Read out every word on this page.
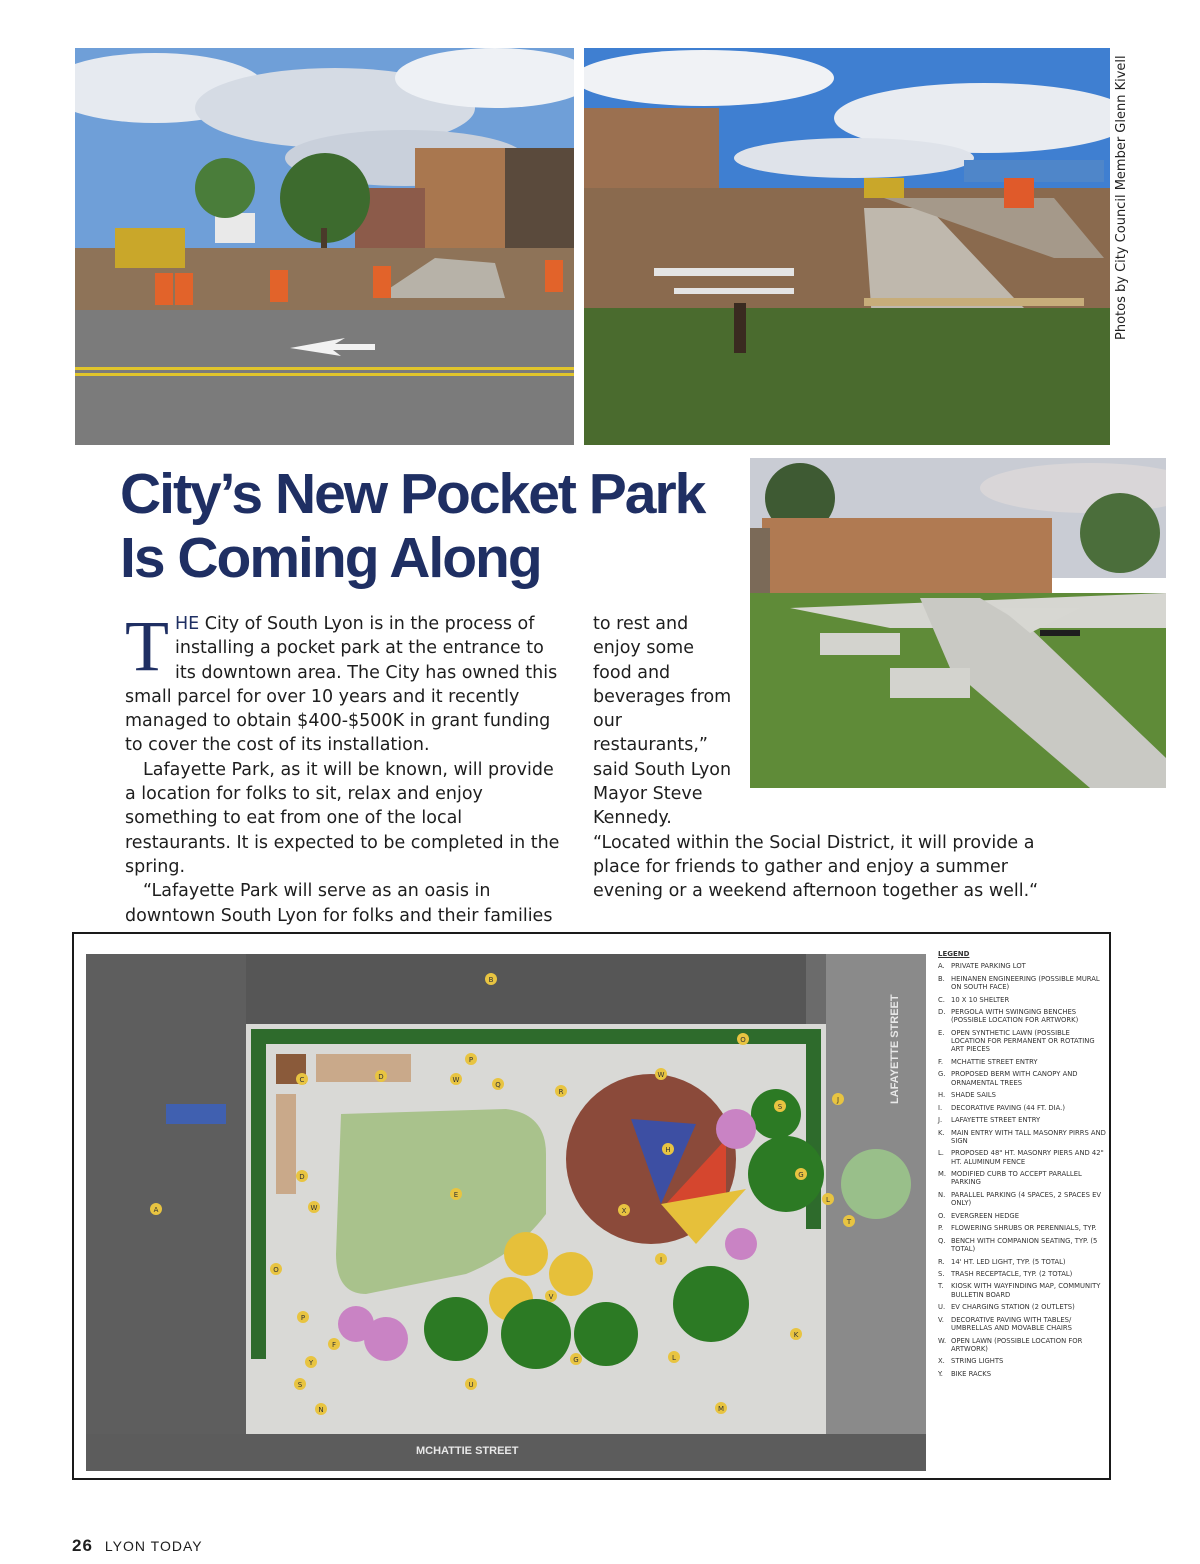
Photos by City Council Member Glenn Kivell
City’s New Pocket Park
Is Coming Along

THE City of South Lyon is in the process of installing a pocket park at the entrance to its downtown area. The City has owned this small parcel for over 10 years and it recently managed to obtain $400-$500K in grant funding to cover the cost of its installation.

Lafayette Park, as it will be known, will provide a location for folks to sit, relax and enjoy something to eat from one of the local restaurants. It is expected to be completed in the spring.

“Lafayette Park will serve as an oasis in downtown South Lyon for folks and their families

to rest and enjoy some food and beverages from our restaurants,” said South Lyon Mayor Steve Kennedy.

“Located within the Social District, it will provide a place for friends to gather and enjoy a summer evening or a weekend afternoon together as well.“

LAFAYETTE STREET
MCHATTIE STREET
A
B
C	D
D
E
F
G
G
H
I
J
K
L
L
M
N
O
O
P
P
Q
R
S
S
T
U
V
W
W
W	X
Y
LEGEND
A. PRIVATE PARKING LOT
B. HEINANEN ENGINEERING (POSSIBLE MURAL ON SOUTH FACE)
C. 10 X 10 SHELTER
D. PERGOLA WITH SWINGING BENCHES (POSSIBLE LOCATION FOR ARTWORK)
E. OPEN SYNTHETIC LAWN (POSSIBLE LOCATION FOR PERMANENT OR ROTATING ART PIECES
F.	MCHATTIE STREET ENTRY
G. PROPOSED BERM WITH CANOPY AND ORNAMENTAL TREES
H. SHADE SAILS
I.	DECORATIVE PAVING (44 FT. DIA.)
J.	LAFAYETTE STREET ENTRY
K. MAIN ENTRY WITH TALL MASONRY PIRRS AND SIGN
L.	PROPOSED 48" HT. MASONRY PIERS AND 42" HT. ALUMINUM FENCE
M. MODIFIED CURB TO ACCEPT PARALLEL PARKING
N. PARALLEL PARKING (4 SPACES, 2 SPACES EV ONLY)
O. EVERGREEN HEDGE
P.	FLOWERING SHRUBS OR PERENNIALS, TYP.
Q. BENCH WITH COMPANION SEATING, TYP. (5 TOTAL)
R. 14' HT. LED LIGHT, TYP. (5 TOTAL)
S. TRASH RECEPTACLE, TYP. (2 TOTAL)
T.	KIOSK WITH WAYFINDING MAP, COMMUNITY BULLETIN BOARD
U. EV CHARGING STATION (2 OUTLETS)
V.	DECORATIVE PAVING WITH TABLES/ UMBRELLAS AND MOVABLE CHAIRS
W. OPEN LAWN (POSSIBLE LOCATION FOR ARTWORK)
X. STRING LIGHTS
Y.	BIKE RACKS
26 LYON TODAY
